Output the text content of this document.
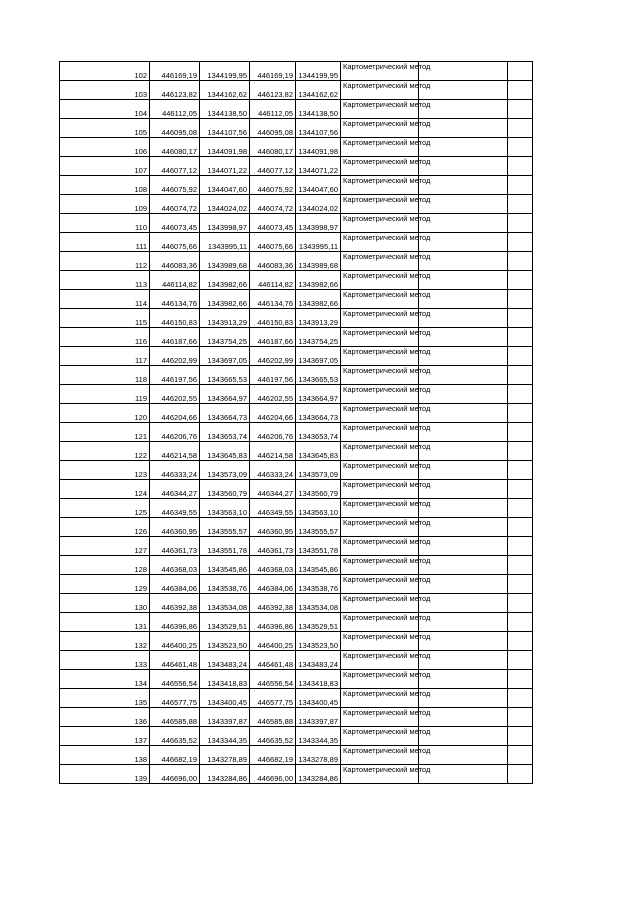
102	446169,19	1344199,95	446169,19	1344199,95	Картометрический метод		
103	446123,82	1344162,62	446123,82	1344162,62	Картометрический метод		
104	446112,05	1344138,50	446112,05	1344138,50	Картометрический метод		
105	446095,08	1344107,56	446095,08	1344107,56	Картометрический метод		
106	446080,17	1344091,98	446080,17	1344091,98	Картометрический метод		
107	446077,12	1344071,22	446077,12	1344071,22	Картометрический метод		
108	446075,92	1344047,60	446075,92	1344047,60	Картометрический метод		
109	446074,72	1344024,02	446074,72	1344024,02	Картометрический метод		
110	446073,45	1343998,97	446073,45	1343998,97	Картометрический метод		
111	446075,66	1343995,11	446075,66	1343995,11	Картометрический метод		
112	446083,36	1343989,68	446083,36	1343989,68	Картометрический метод		
113	446114,82	1343982,66	446114,82	1343982,66	Картометрический метод		
114	446134,76	1343982,66	446134,76	1343982,66	Картометрический метод		
115	446150,83	1343913,29	446150,83	1343913,29	Картометрический метод		
116	446187,66	1343754,25	446187,66	1343754,25	Картометрический метод		
117	446202,99	1343697,05	446202,99	1343697,05	Картометрический метод		
118	446197,56	1343665,53	446197,56	1343665,53	Картометрический метод		
119	446202,55	1343664,97	446202,55	1343664,97	Картометрический метод		
120	446204,66	1343664,73	446204,66	1343664,73	Картометрический метод		
121	446206,76	1343653,74	446206,76	1343653,74	Картометрический метод		
122	446214,58	1343645,83	446214,58	1343645,83	Картометрический метод		
123	446333,24	1343573,09	446333,24	1343573,09	Картометрический метод		
124	446344,27	1343560,79	446344,27	1343560,79	Картометрический метод		
125	446349,55	1343563,10	446349,55	1343563,10	Картометрический метод		
126	446360,95	1343555,57	446360,95	1343555,57	Картометрический метод		
127	446361,73	1343551,78	446361,73	1343551,78	Картометрический метод		
128	446368,03	1343545,86	446368,03	1343545,86	Картометрический метод		
129	446384,06	1343538,76	446384,06	1343538,76	Картометрический метод		
130	446392,38	1343534,08	446392,38	1343534,08	Картометрический метод		
131	446396,86	1343529,51	446396,86	1343529,51	Картометрический метод		
132	446400,25	1343523,50	446400,25	1343523,50	Картометрический метод		
133	446461,48	1343483,24	446461,48	1343483,24	Картометрический метод		
134	446556,54	1343418,83	446556,54	1343418,83	Картометрический метод		
135	446577,75	1343400,45	446577,75	1343400,45	Картометрический метод		
136	446585,88	1343397,87	446585,88	1343397,87	Картометрический метод		
137	446635,52	1343344,35	446635,52	1343344,35	Картометрический метод		
138	446682,19	1343278,89	446682,19	1343278,89	Картометрический метод		
139	446696,00	1343284,86	446696,00	1343284,86	Картометрический метод		
